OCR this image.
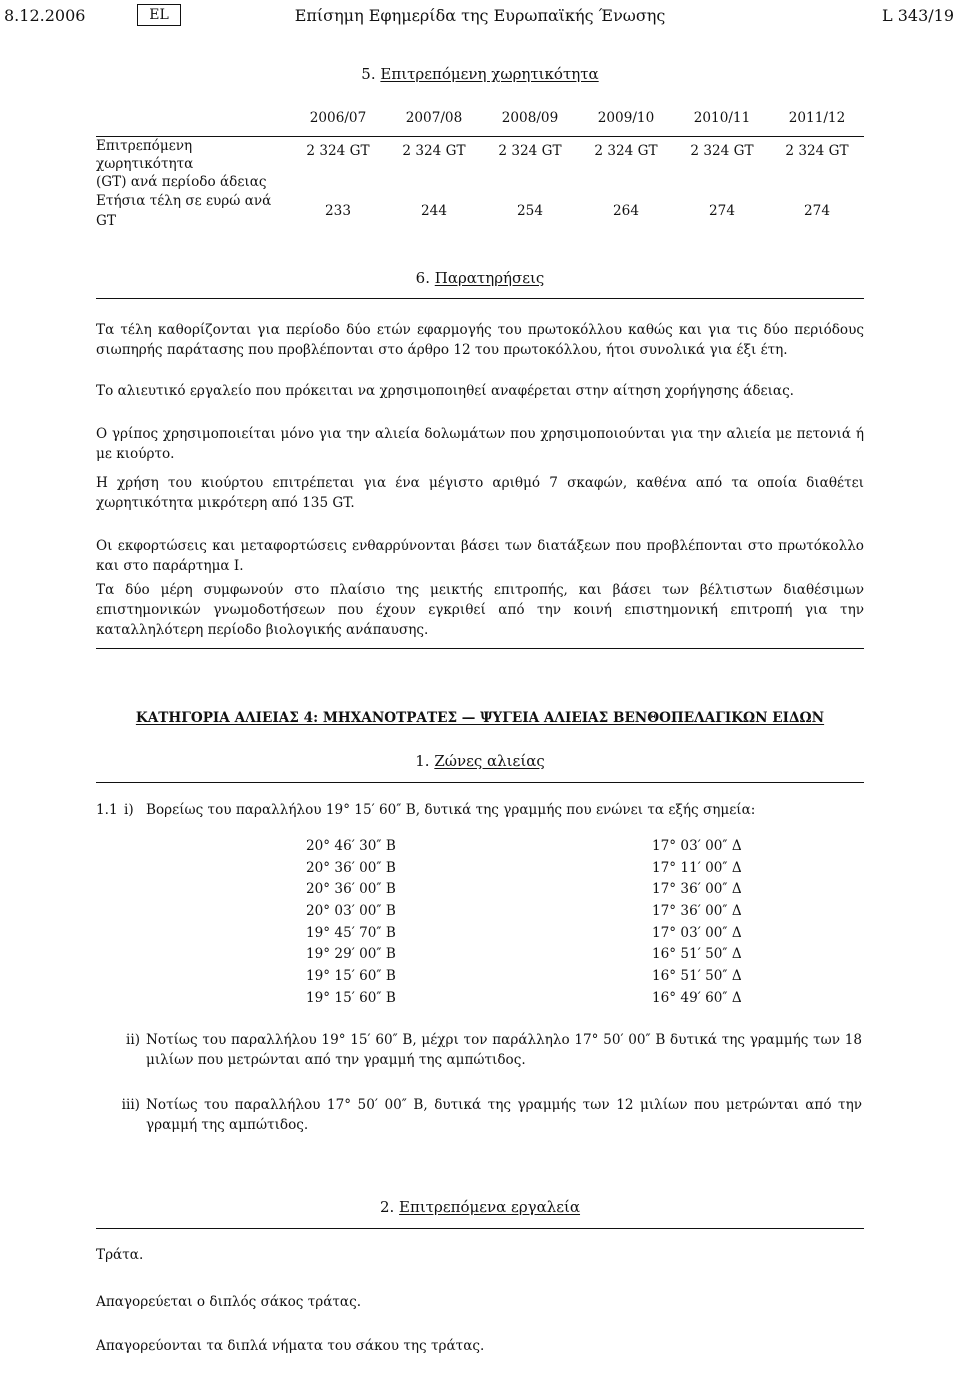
8.12.2006	EL	Επίσημη Εφημερίδα της Ευρωπαϊκής Ένωσης	L 343/19
5. Επιτρεπόμενη χωρητικότητα
	2006/07	2007/08	2008/09	2009/10	2010/11	2011/12

Επιτρεπόμενη χωρητικότητα
(GT) ανά περίοδο άδειας	2 324 GT	2 324 GT	2 324 GT	2 324 GT	2 324 GT	2 324 GT
Ετήσια τέλη σε ευρώ ανά GT	233	244	254	264	274	274
6. Παρατηρήσεις
Τα τέλη καθορίζονται για περίοδο δύο ετών εφαρμογής του πρωτοκόλλου καθώς και για τις δύο περιόδους σιωπηρής παράτασης που προβλέπονται στο άρθρο 12 του πρωτοκόλλου, ήτοι συνολικά για έξι έτη.
Το αλιευτικό εργαλείο που πρόκειται να χρησιμοποιηθεί αναφέρεται στην αίτηση χορήγησης άδειας.
Ο γρίπος χρησιμοποιείται μόνο για την αλιεία δολωμάτων που χρησιμοποιούνται για την αλιεία με πετονιά ή με κιούρτο.
Η χρήση του κιούρτου επιτρέπεται για ένα μέγιστο αριθμό 7 σκαφών, καθένα από τα οποία διαθέτει χωρητικότητα μικρότερη από 135 GT.
Οι εκφορτώσεις και μεταφορτώσεις ενθαρρύνονται βάσει των διατάξεων που προβλέπονται στο πρωτόκολλο και στο παράρτημα I.
Τα δύο μέρη συμφωνούν στο πλαίσιο της μεικτής επιτροπής, και βάσει των βέλτιστων διαθέσιμων επιστημονικών γνωμοδοτήσεων που έχουν εγκριθεί από την κοινή επιστημονική επιτροπή για την καταλληλότερη περίοδο βιολογικής ανάπαυσης.
ΚΑΤΗΓΟΡΙΑ ΑΛΙΕΙΑΣ 4: ΜΗΧΑΝΟΤΡΑΤΕΣ — ΨΥΓΕΙΑ ΑΛΙΕΙΑΣ ΒΕΝΘΟΠΕΛΑΓΙΚΩΝ ΕΙΔΩΝ
1. Ζώνες αλιείας
1.1 i) Βορείως του παραλλήλου 19° 15′ 60″ Β, δυτικά της γραμμής που ενώνει τα εξής σημεία:
20° 46′ 30″ Β	17° 03′ 00″ Δ
20° 36′ 00″ Β	17° 11′ 00″ Δ
20° 36′ 00″ Β	17° 36′ 00″ Δ
20° 03′ 00″ Β	17° 36′ 00″ Δ
19° 45′ 70″ Β	17° 03′ 00″ Δ
19° 29′ 00″ Β	16° 51′ 50″ Δ
19° 15′ 60″ Β	16° 51′ 50″ Δ
19° 15′ 60″ Β	16° 49′ 60″ Δ
ii) Νοτίως του παραλλήλου 19° 15′ 60″ Β, μέχρι τον παράλληλο 17° 50′ 00″ Β δυτικά της γραμμής των 18 μιλίων που μετρώνται από την γραμμή της αμπώτιδος.
iii) Νοτίως του παραλλήλου 17° 50′ 00″ Β, δυτικά της γραμμής των 12 μιλίων που μετρώνται από την γραμμή της αμπώτιδος.
2. Επιτρεπόμενα εργαλεία
Τράτα.
Απαγορεύεται ο διπλός σάκος τράτας.
Απαγορεύονται τα διπλά νήματα του σάκου της τράτας.
